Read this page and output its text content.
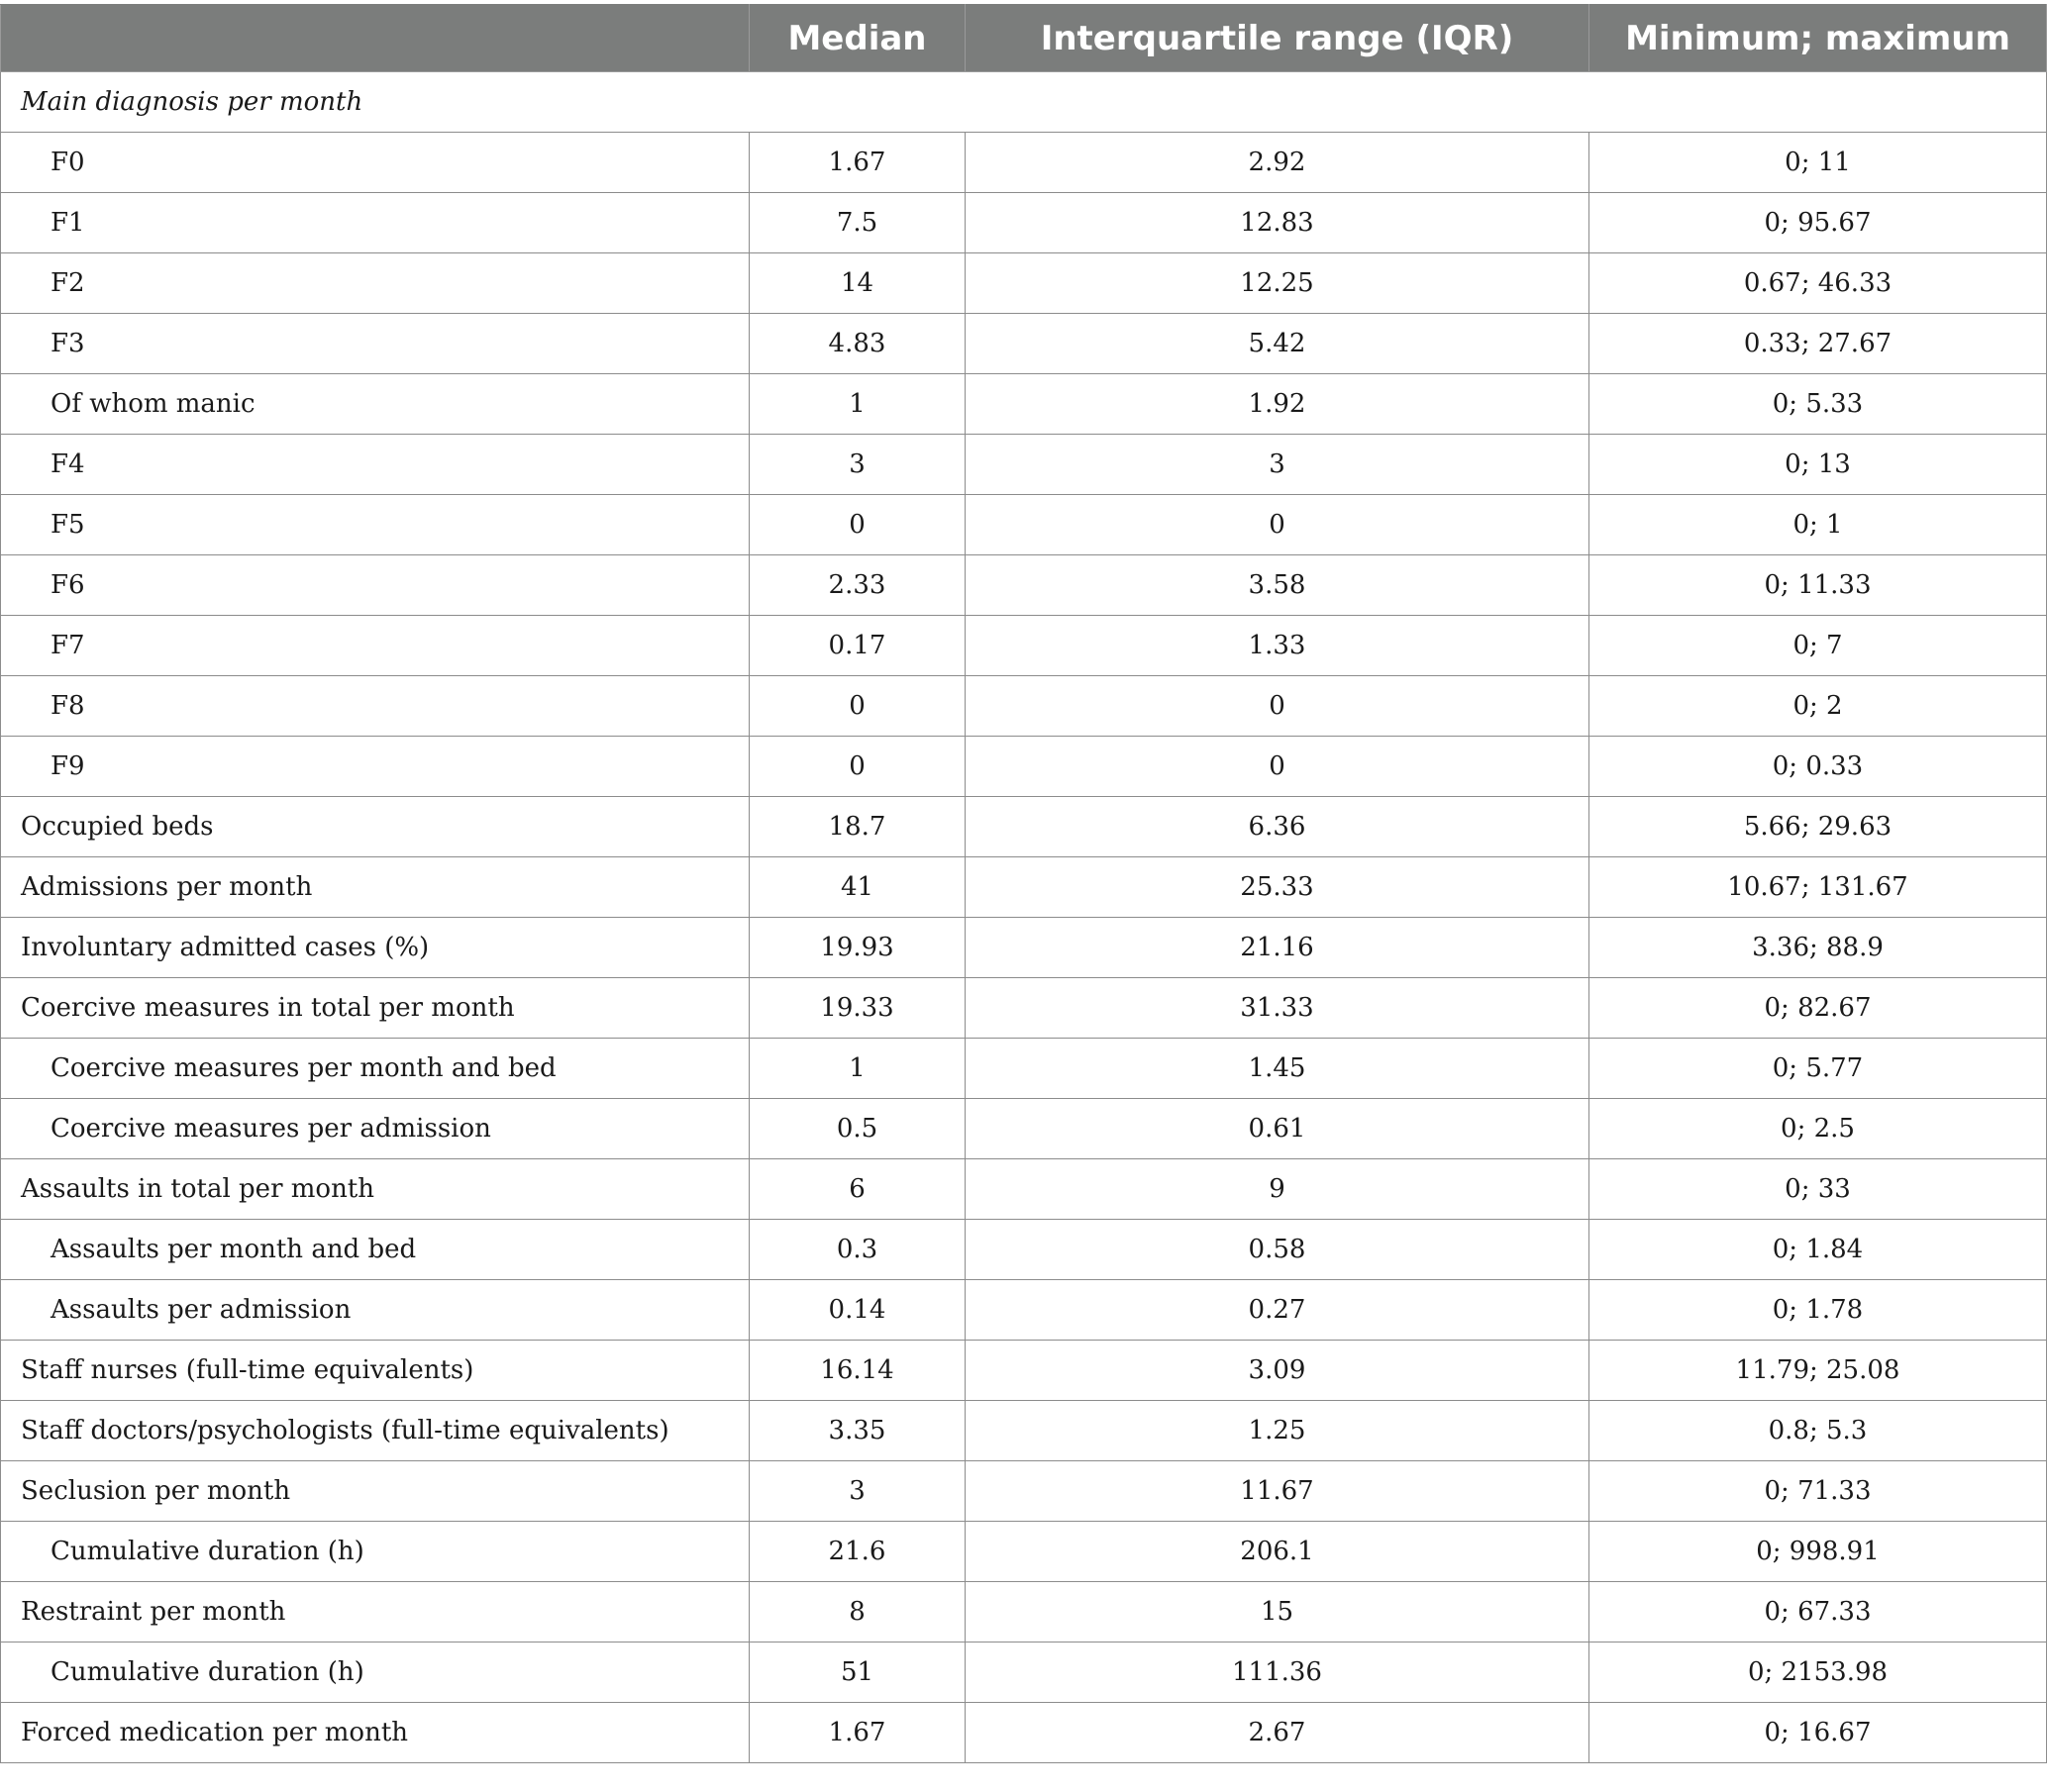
	Median	Interquartile range (IQR)	Minimum; maximum
Main diagnosis per month			
F0	1.67	2.92	0; 11
F1	7.5	12.83	0; 95.67
F2	14	12.25	0.67; 46.33
F3	4.83	5.42	0.33; 27.67
Of whom manic	1	1.92	0; 5.33
F4	3	3	0; 13
F5	0	0	0; 1
F6	2.33	3.58	0; 11.33
F7	0.17	1.33	0; 7
F8	0	0	0; 2
F9	0	0	0; 0.33
Occupied beds	18.7	6.36	5.66; 29.63
Admissions per month	41	25.33	10.67; 131.67
Involuntary admitted cases (%)	19.93	21.16	3.36; 88.9
Coercive measures in total per month	19.33	31.33	0; 82.67
Coercive measures per month and bed	1	1.45	0; 5.77
Coercive measures per admission	0.5	0.61	0; 2.5
Assaults in total per month	6	9	0; 33
Assaults per month and bed	0.3	0.58	0; 1.84
Assaults per admission	0.14	0.27	0; 1.78
Staff nurses (full-time equivalents)	16.14	3.09	11.79; 25.08
Staff doctors/psychologists (full-time equivalents)	3.35	1.25	0.8; 5.3
Seclusion per month	3	11.67	0; 71.33
Cumulative duration (h)	21.6	206.1	0; 998.91
Restraint per month	8	15	0; 67.33
Cumulative duration (h)	51	111.36	0; 2153.98
Forced medication per month	1.67	2.67	0; 16.67
